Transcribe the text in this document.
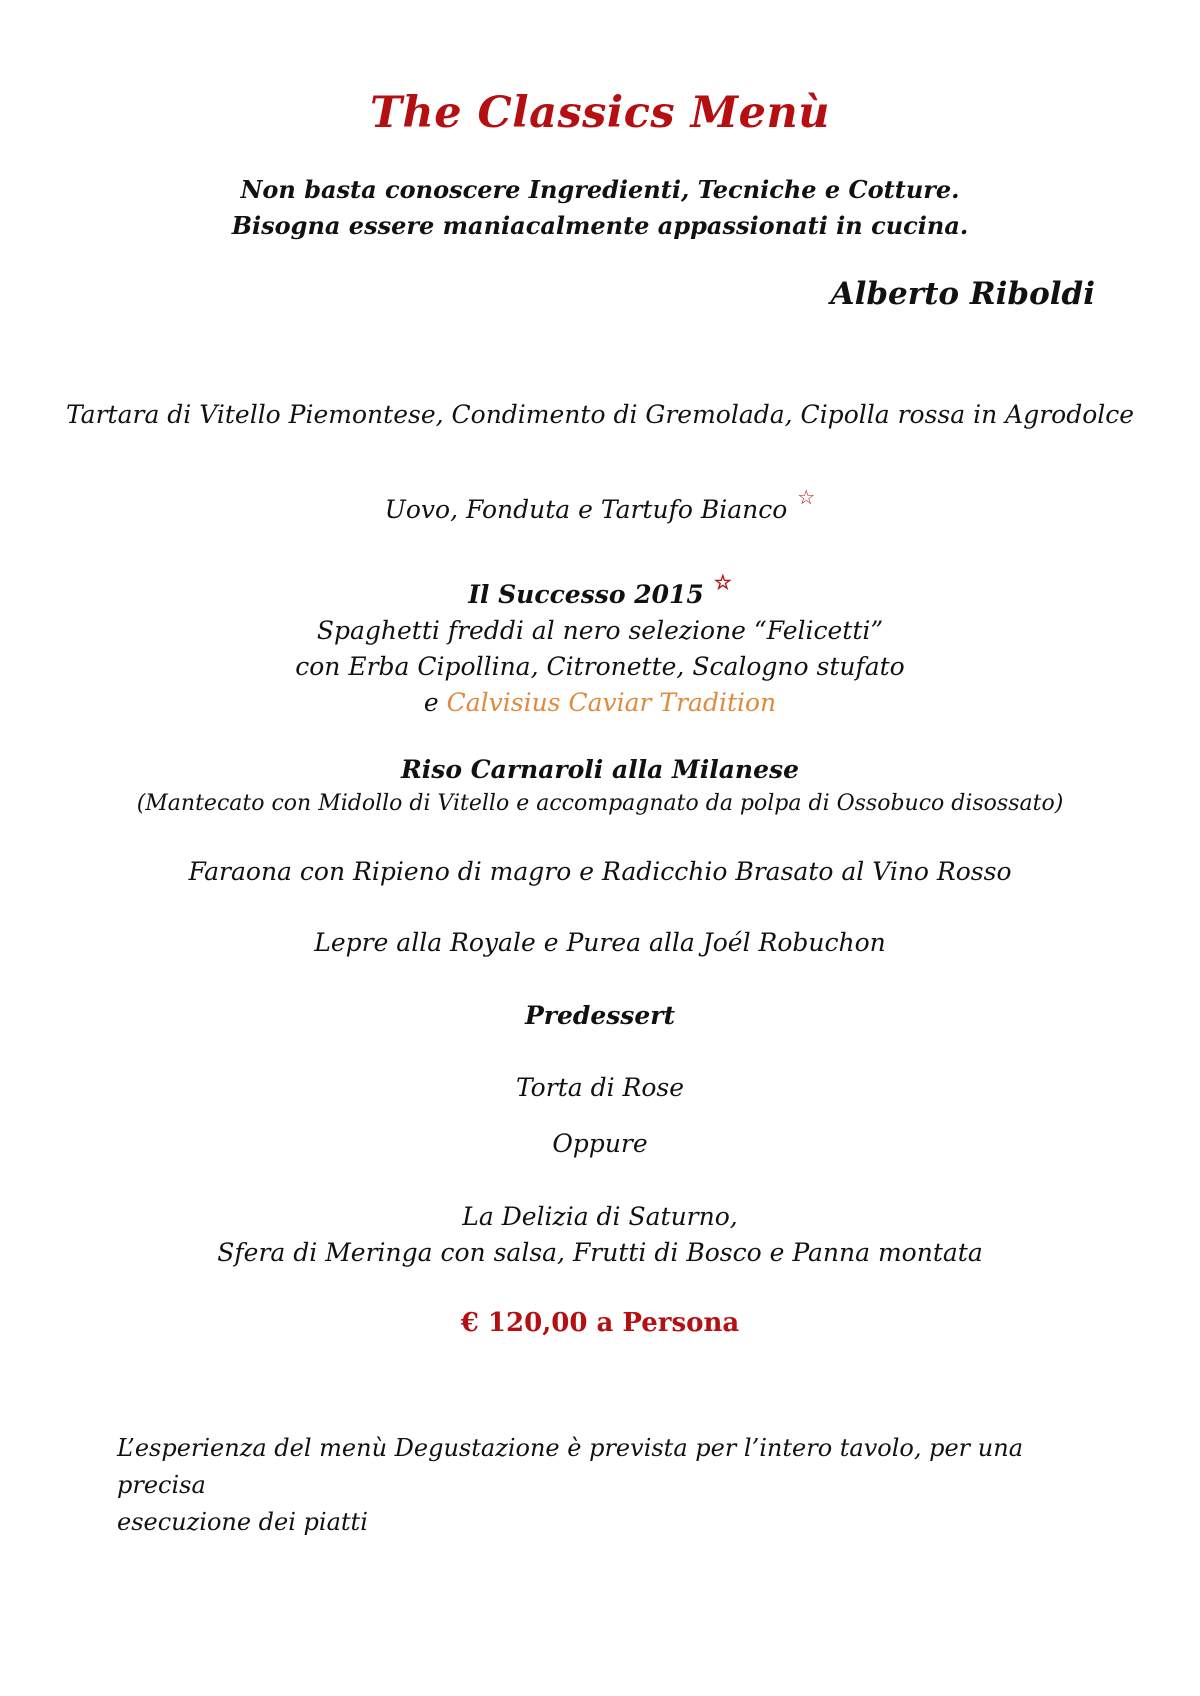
The Classics Menù
Non basta conoscere Ingredienti, Tecniche e Cotture.
Bisogna essere maniacalmente appassionati in cucina.
Alberto Riboldi
Tartara di Vitello Piemontese, Condimento di Gremolada, Cipolla rossa in Agrodolce
Uovo, Fonduta e Tartufo Bianco ☆
Il Successo 2015 ☆
Spaghetti freddi al nero selezione “Felicetti”
con Erba Cipollina, Citronette, Scalogno stufato
e Calvisius Caviar Tradition
Riso Carnaroli alla Milanese
(Mantecato con Midollo di Vitello e accompagnato da polpa di Ossobuco disossato)
Faraona con Ripieno di magro e Radicchio Brasato al Vino Rosso
Lepre alla Royale e Purea alla Joél Robuchon
Predessert
Torta di Rose
Oppure
La Delizia di Saturno,
Sfera di Meringa con salsa, Frutti di Bosco e Panna montata
€ 120,00 a Persona
L’esperienza del menù Degustazione è prevista per l’intero tavolo, per una precisa
esecuzione dei piatti
